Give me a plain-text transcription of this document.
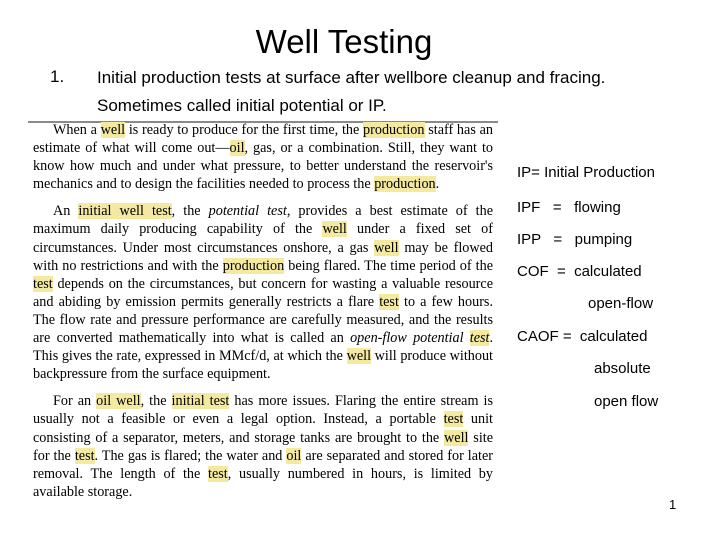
Well Testing
1. Initial production tests at surface after wellbore cleanup and fracing. Sometimes called initial potential or IP.

When a well is ready to produce for the first time, the production staff has an estimate of what will come out—oil, gas, or a combination. Still, they want to know how much and under what pressure, to better understand the reservoir's mechanics and to design the facilities needed to process the production.

An initial well test, the potential test, provides a best estimate of the maximum daily producing capability of the well under a fixed set of circumstances. Under most circumstances onshore, a gas well may be flowed with no restrictions and with the production being flared. The time period of the test depends on the circumstances, but concern for wasting a valuable resource and abiding by emission permits generally restricts a flare test to a few hours. The flow rate and pressure performance are carefully measured, and the results are converted mathematically into what is called an open-flow potential test. This gives the rate, expressed in MMcf/d, at which the well will produce without backpressure from the surface equipment.

For an oil well, the initial test has more issues. Flaring the entire stream is usually not a feasible or even a legal option. Instead, a portable test unit consisting of a separator, meters, and storage tanks are brought to the well site for the test. The gas is flared; the water and oil are separated and stored for later removal. The length of the test, usually numbered in hours, is limited by available storage.

IP= Initial Production
IPF   =   flowing
IPP   =   pumping
COF  =  calculated
open-flow
CAOF =  calculated
absolute
open flow
1
